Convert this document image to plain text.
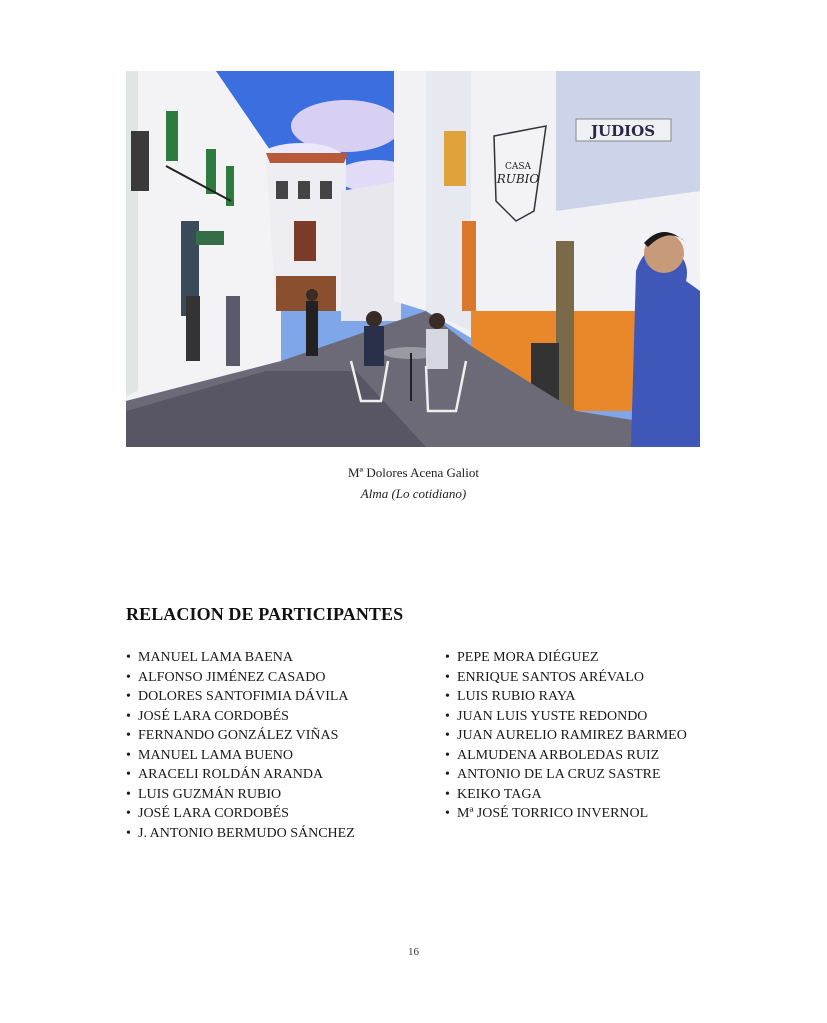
JUDIOS
CASA
RUBIO
Mª Dolores Acena Galiot
Alma (Lo cotidiano)
RELACION DE PARTICIPANTES
• MANUEL LAMA BAENA
• ALFONSO JIMÉNEZ CASADO
• DOLORES SANTOFIMIA DÁVILA
• JOSÉ LARA CORDOBÉS
• FERNANDO GONZÁLEZ VIÑAS
• MANUEL LAMA BUENO
• ARACELI ROLDÁN ARANDA
• LUIS GUZMÁN RUBIO
• JOSÉ LARA CORDOBÉS
• J. ANTONIO BERMUDO SÁNCHEZ
• PEPE MORA DIÉGUEZ
• ENRIQUE SANTOS ARÉVALO
• LUIS RUBIO RAYA
• JUAN LUIS YUSTE REDONDO
• JUAN AURELIO RAMIREZ BARMEO
• ALMUDENA ARBOLEDAS RUIZ
• ANTONIO DE LA CRUZ SASTRE
• KEIKO TAGA
• Mª JOSÉ TORRICO INVERNOL
16
